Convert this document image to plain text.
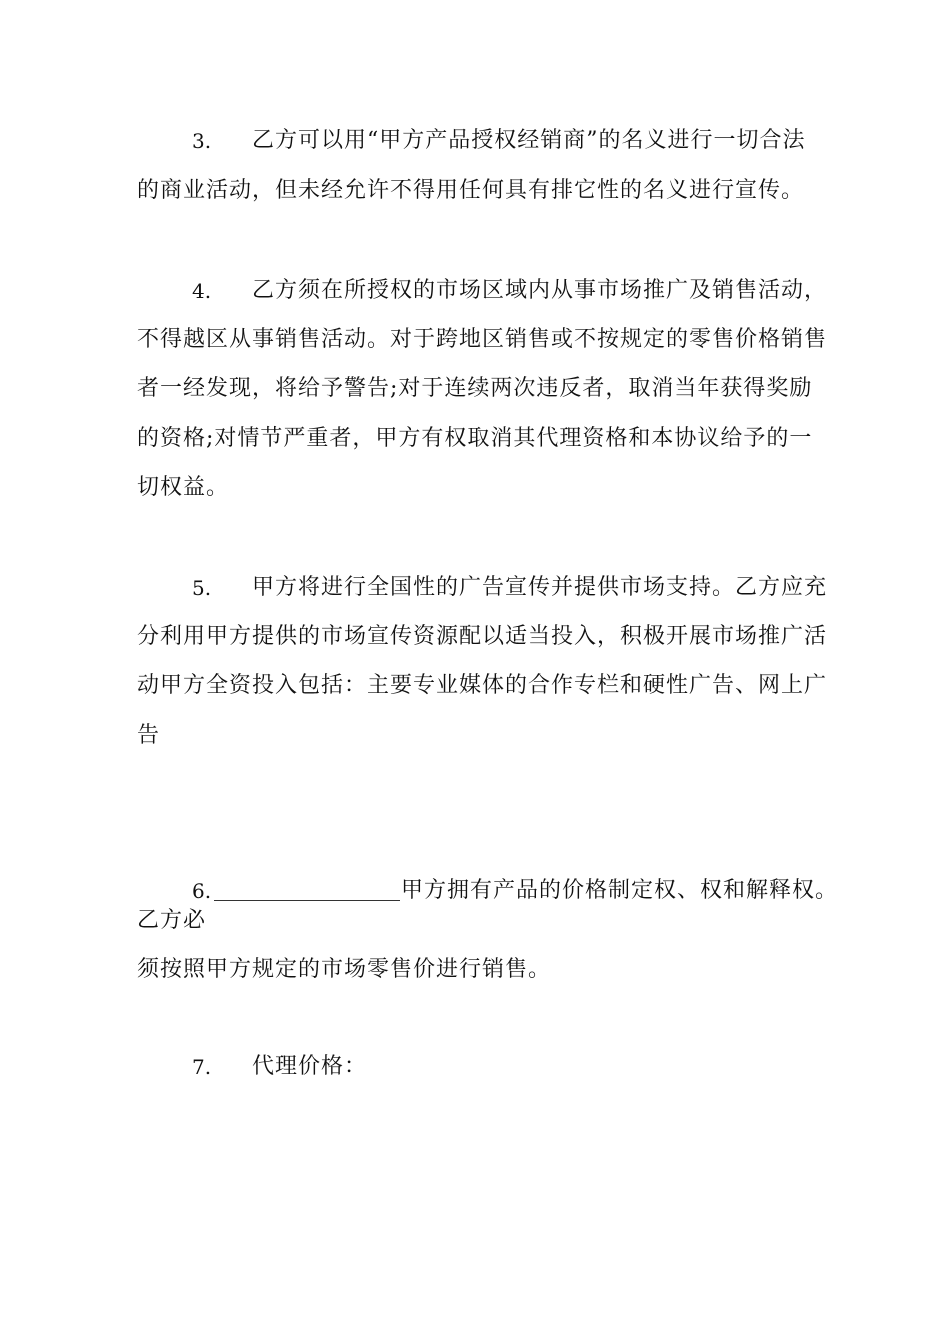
3. 乙方可以用“甲方产品授权经销商”的名义进行一切合法
的商业活动，但未经允许不得用任何具有排它性的名义进行宣传。
4. 乙方须在所授权的市场区域内从事市场推广及销售活动，
不得越区从事销售活动。对于跨地区销售或不按规定的零售价格销售
者一经发现，将给予警告;对于连续两次违反者，取消当年获得奖励
的资格;对情节严重者，甲方有权取消其代理资格和本协议给予的一
切权益。
5. 甲方将进行全国性的广告宣传并提供市场支持。乙方应充
分利用甲方提供的市场宣传资源配以适当投入，积极开展市场推广活
动甲方全资投入包括：主要专业媒体的合作专栏和硬性广告、网上广
告
6.	甲方拥有产品的价格制定权、权和解释权。
乙方必
须按照甲方规定的市场零售价进行销售。
7. 代理价格：
